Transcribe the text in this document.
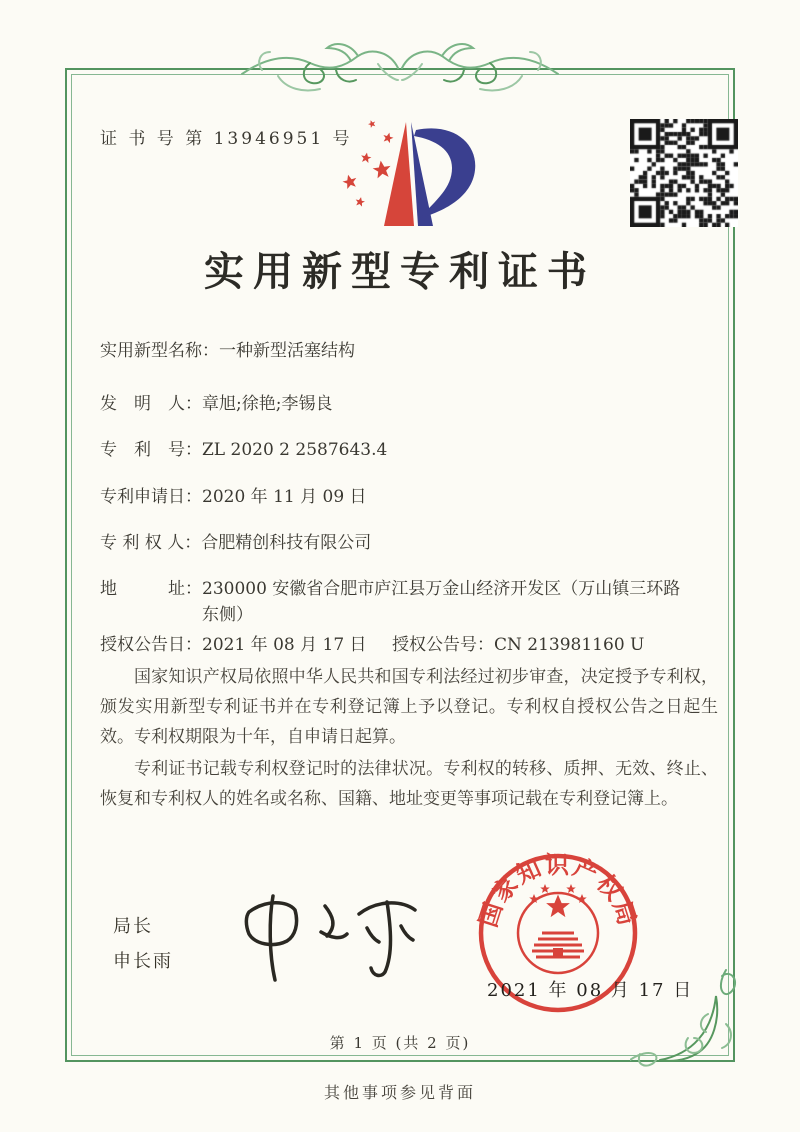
证 书 号 第 13946951 号
实用新型专利证书
实用新型名称： 一种新型活塞结构
发　明　人： 章旭;徐艳;李锡良
专　利　号： ZL 2020 2 2587643.4
专利申请日： 2020 年 11 月 09 日
专 利 权 人： 合肥精创科技有限公司
地　　　址： 230000 安徽省合肥市庐江县万金山经济开发区（万山镇三环路东侧）
授权公告日：2021 年 08 月 17 日 授权公告号：CN 213981160 U

国家知识产权局依照中华人民共和国专利法经过初步审查，决定授予专利权，颁发实用新型专利证书并在专利登记簿上予以登记。专利权自授权公告之日起生效。专利权期限为十年，自申请日起算。

专利证书记载专利权登记时的法律状况。专利权的转移、质押、无效、终止、恢复和专利权人的姓名或名称、国籍、地址变更等事项记载在专利登记簿上。

局长
申长雨
国家知识产权局
2021 年 08 月 17 日
第 1 页 (共 2 页)
其他事项参见背面
